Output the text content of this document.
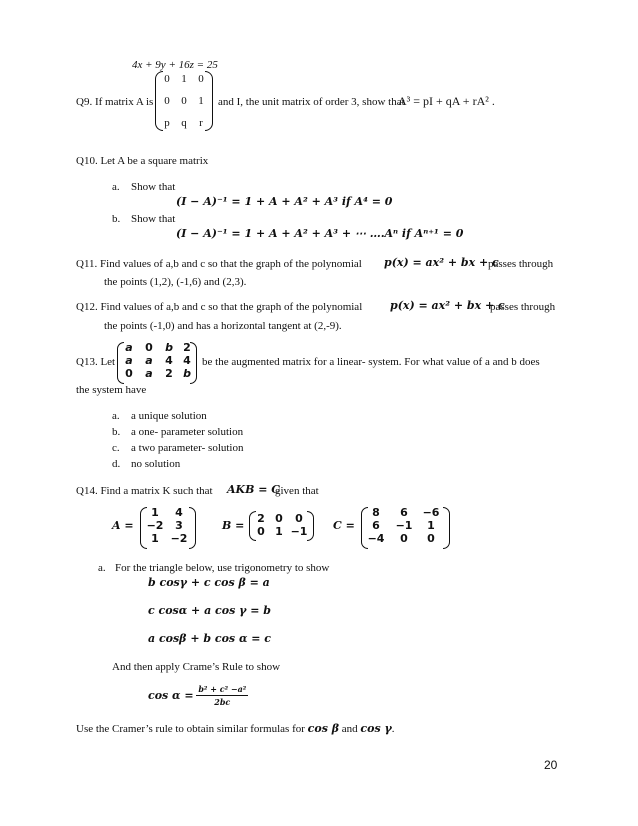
4x + 9y + 16z = 25
Q9. If matrix A is
0	1	0
0	0	1
p	q	r
and I, the unit matrix of order 3, show that
A³ = pI + qA + rA² .
Q10. Let A be a square matrix
a. Show that
(I − A)⁻¹ = 1 + A + A² + A³ if A⁴ = 0
b. Show that
(I − A)⁻¹ = 1 + A + A² + A³ + ⋯ ….Aⁿ if Aⁿ⁺¹ = 0
Q11. Find values of a,b and c so that the graph of the polynomial p(x) = ax² + bx + c
passes through
the points (1,2), (-1,6) and (2,3).
Q12. Find values of a,b and c so that the graph of the polynomial	p(x) = ax² + bx + c
passes through
the points (-1,0) and has a horizontal tangent at (2,-9).
Q13. Let
a 0 b 2
a a 4 4
0 a 2 b
be the augmented matrix for a linear- system. For what value of a and b does
the system have
a. a unique solution
b. a one- parameter solution
c. a two parameter- solution
d. no solution
Q14. Find a matrix K such that AKB = C
given that
A =
1	4
−2	3
1	−2
B =
2 0	0
0 1 −1 C =
8	6	−6
6	−1	1
−4	0	0
a. For the triangle below, use trigonometry to show
b cosγ + c cos β = a
c cosα + a cos γ = b
a cosβ + b cos α = c
And then apply Crame’s Rule to show
$\cos \alpha = \frac{\text{b² + c² −a²}}{2bc}$
Use the Cramer’s rule to obtain similar formulas for cos β and cos γ.
20
